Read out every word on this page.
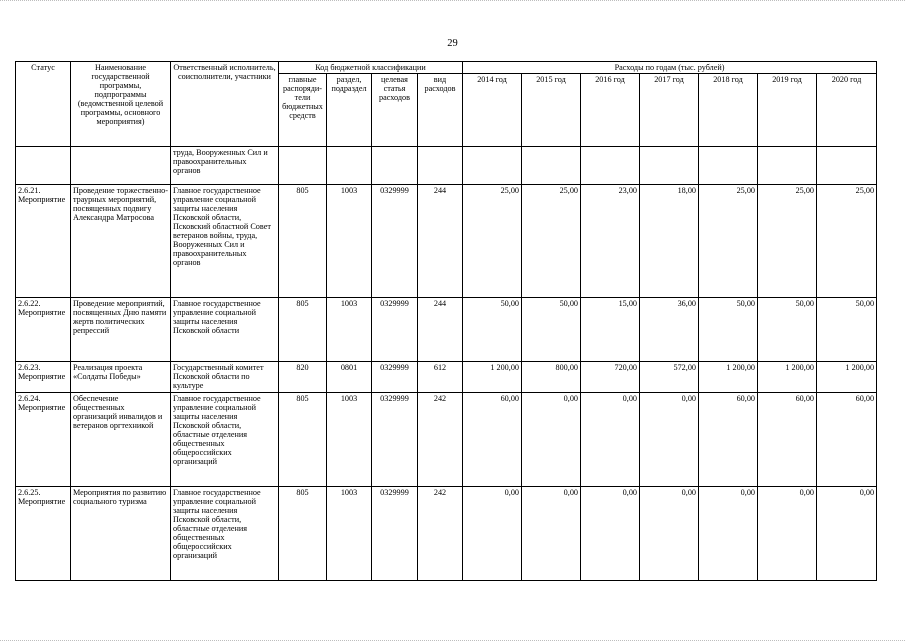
29
Статус	Наименование государственной программы, подпрограммы (ведомственной целевой программы, основного мероприятия)	Ответственный исполнитель, соисполнители, участники	Код бюджетной классификации				Расходы по годам (тыс. рублей)						
			главные распоряди- тели бюджетных средств	раздел, подраздел	целевая статья расходов	вид расходов	2014 год	2015 год	2016 год	2017 год	2018 год	2019 год	2020 год
		труда, Вооруженных Сил и правоохранительных органов											
2.6.21. Мероприятие	Проведение торжественно-траурных мероприятий, посвященных подвигу Александра Матросова	Главное государственное управление социальной защиты населения Псковской области, Псковский областной Совет ветеранов войны, труда, Вооруженных Сил и правоохранительных органов	805	1003	0329999	244	25,00	25,00	23,00	18,00	25,00	25,00	25,00
2.6.22. Мероприятие	Проведение мероприятий, посвященных Дню памяти жертв политических репрессий	Главное государственное управление социальной защиты населения Псковской области	805	1003	0329999	244	50,00	50,00	15,00	36,00	50,00	50,00	50,00
2.6.23. Мероприятие	Реализация проекта «Солдаты Победы»	Государственный комитет Псковской области по культуре	820	0801	0329999	612	1 200,00	800,00	720,00	572,00	1 200,00	1 200,00	1 200,00
2.6.24. Мероприятие	Обеспечение общественных организаций инвалидов и ветеранов оргтехникой	Главное государственное управление социальной защиты населения Псковской области, областные отделения общественных общероссийских организаций	805	1003	0329999	242	60,00	0,00	0,00	0,00	60,00	60,00	60,00
2.6.25. Мероприятие	Мероприятия по развитию социального туризма	Главное государственное управление социальной защиты населения Псковской области, областные отделения общественных общероссийских организаций	805	1003	0329999	242	0,00	0,00	0,00	0,00	0,00	0,00	0,00
